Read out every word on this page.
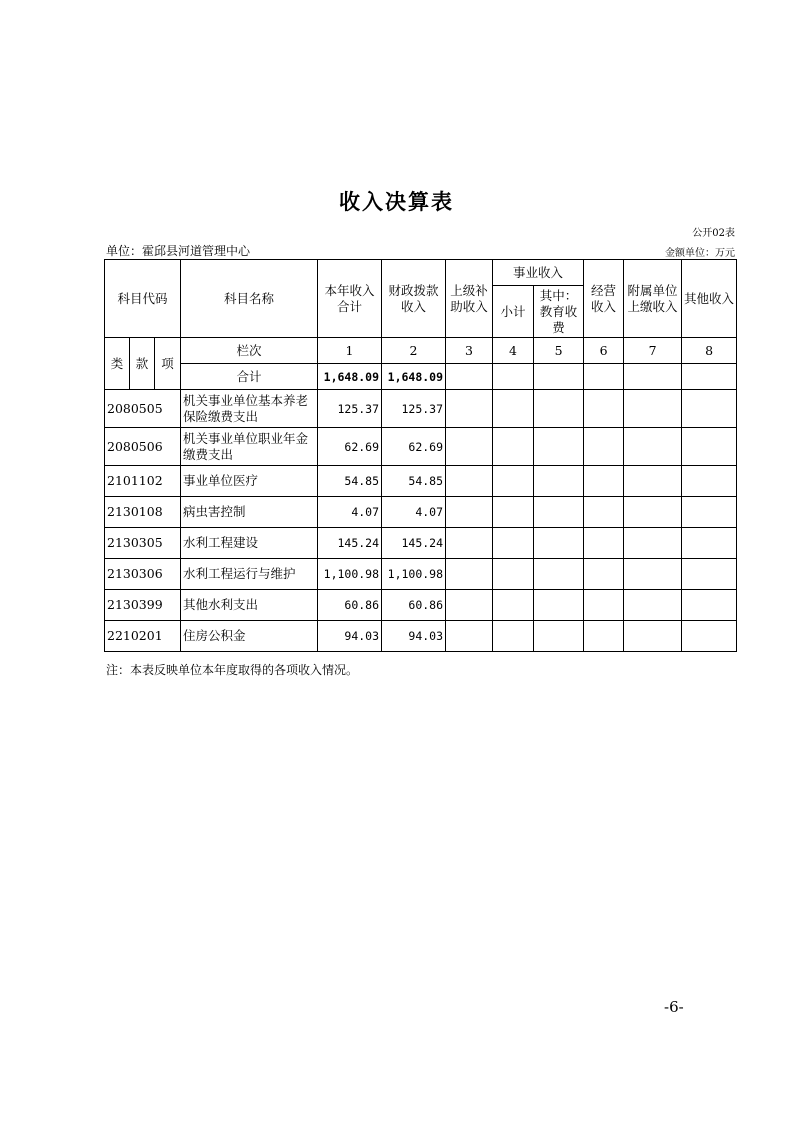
收入决算表
公开02表
单位：霍邱县河道管理中心	金额单位：万元
科目代码			科目名称	本年收入合计	财政拨款收入	上级补助收入	事业收入		经营收入	附属单位上缴收入	其他收入
							小计	其中：教育收费			

类	款	项	栏次	1	2	3	4	5	6	7	8
			合计	1,648.09	1,648.09						
2080505			机关事业单位基本养老保险缴费支出	125.37	125.37						
2080506			机关事业单位职业年金缴费支出	62.69	62.69						
2101102			事业单位医疗	54.85	54.85						
2130108			病虫害控制	4.07	4.07						
2130305			水利工程建设	145.24	145.24						
2130306			水利工程运行与维护	1,100.98	1,100.98						
2130399			其他水利支出	60.86	60.86						
2210201			住房公积金	94.03	94.03						
注：本表反映单位本年度取得的各项收入情况。
-6-
